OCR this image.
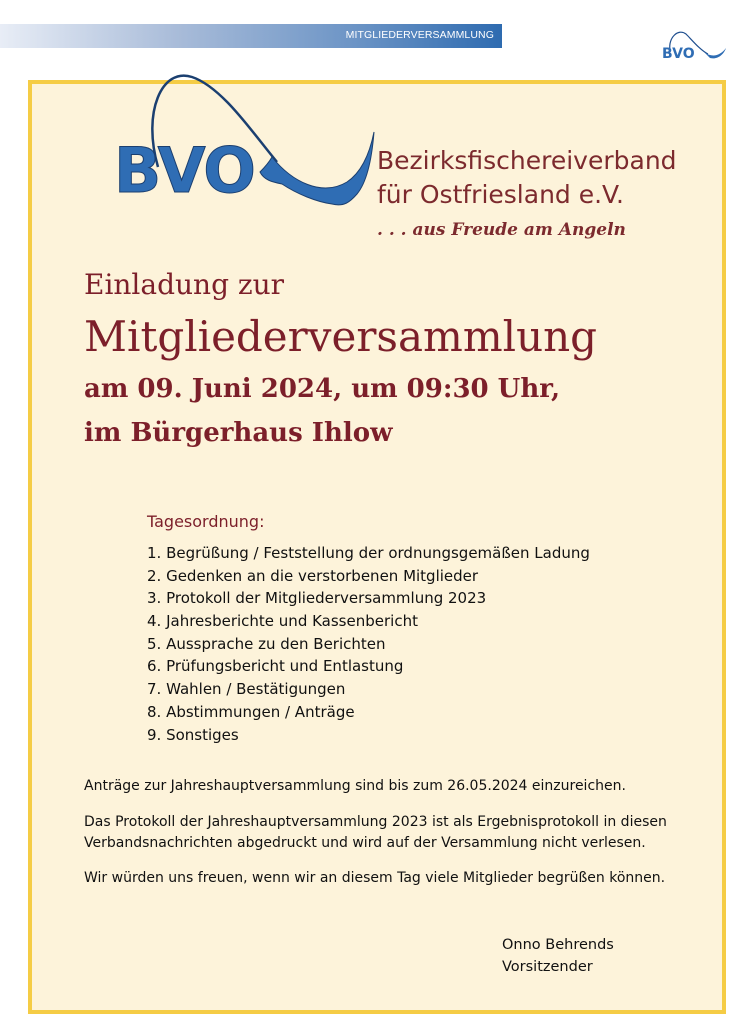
MITGLIEDERVERSAMMLUNG
BVO
BVO	Bezirksfischereiverband
für Ostfriesland e.V.
. . . aus Freude am Angeln
Einladung zur
Mitgliederversammlung
am 09. Juni 2024, um 09:30 Uhr,
im Bürgerhaus Ihlow
Tagesordnung:
1. Begrüßung / Feststellung der ordnungsgemäßen Ladung
2. Gedenken an die verstorbenen Mitglieder
3. Protokoll der Mitgliederversammlung 2023
4. Jahresberichte und Kassenbericht
5. Aussprache zu den Berichten
6. Prüfungsbericht und Entlastung
7. Wahlen / Bestätigungen
8. Abstimmungen / Anträge
9. Sonstiges
Anträge zur Jahreshauptversammlung sind bis zum 26.05.2024 einzureichen.
Das Protokoll der Jahreshauptversammlung 2023 ist als Ergebnisprotokoll in diesen Verbandsnachrichten abgedruckt und wird auf der Versammlung nicht verlesen.
Wir würden uns freuen, wenn wir an diesem Tag viele Mitglieder begrüßen können.
Onno Behrends
Vorsitzender
